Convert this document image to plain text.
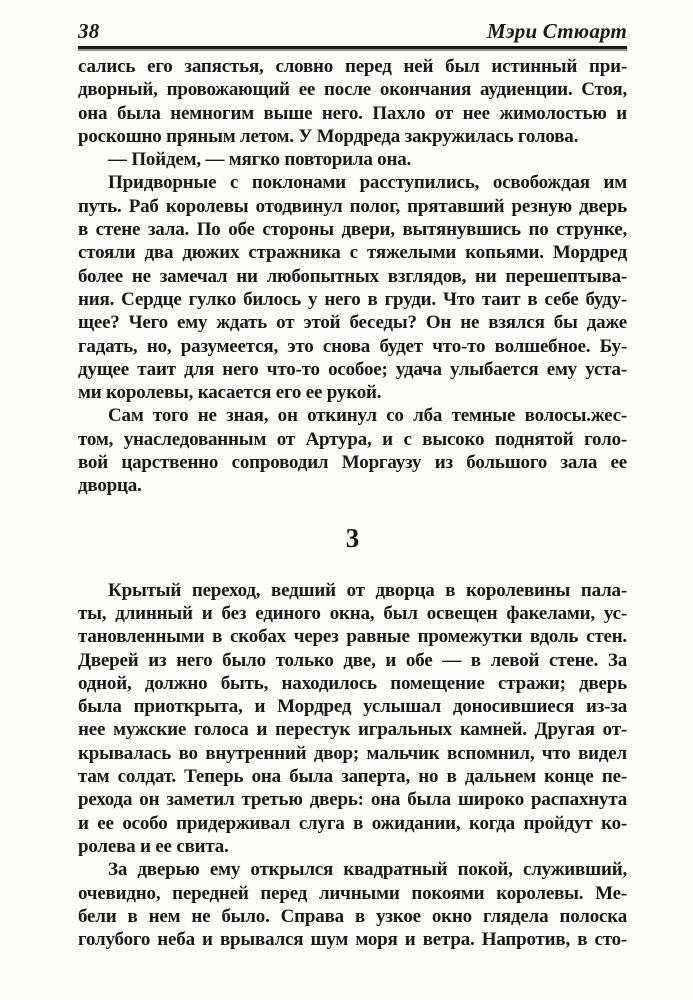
38	Мэри Стюарт
сались его запястья, словно перед ней был истинный при-
дворный, провожающий ее после окончания аудиенции. Стоя,
она была немногим выше него. Пахло от нее жимолостью и
роскошно пряным летом. У Мордреда закружилась голова.
— Пойдем, — мягко повторила она.
Придворные с поклонами расступились, освобождая им
путь. Раб королевы отодвинул полог, прятавший резную дверь
в стене зала. По обе стороны двери, вытянувшись по струнке,
стояли два дюжих стражника с тяжелыми копьями. Мордред
более не замечал ни любопытных взглядов, ни перешептыва-
ния. Сердце гулко билось у него в груди. Что таит в себе буду-
щее? Чего ему ждать от этой беседы? Он не взялся бы даже
гадать, но, разумеется, это снова будет что-то волшебное. Бу-
дущее таит для него что-то особое; удача улыбается ему уста-
ми королевы, касается его ее рукой.
Сам того не зная, он откинул со лба темные волосы.жес-
том, унаследованным от Артура, и с высоко поднятой голо-
вой царственно сопроводил Моргаузу из большого зала ее
дворца.
3
Крытый переход, ведший от дворца в королевины пала-
ты, длинный и без единого окна, был освещен факелами, ус-
тановленными в скобах через равные промежутки вдоль стен.
Дверей из него было только две, и обе — в левой стене. За
одной, должно быть, находилось помещение стражи; дверь
была приоткрыта, и Мордред услышал доносившиеся из-за
нее мужские голоса и перестук игральных камней. Другая от-
крывалась во внутренний двор; мальчик вспомнил, что видел
там солдат. Теперь она была заперта, но в дальнем конце пе-
рехода он заметил третью дверь: она была широко распахнута
и ее особо придерживал слуга в ожидании, когда пройдут ко-
ролева и ее свита.
За дверью ему открылся квадратный покой, служивший,
очевидно, передней перед личными покоями королевы. Ме-
бели в нем не было. Справа в узкое окно глядела полоска
голубого неба и врывался шум моря и ветра. Напротив, в сто-
